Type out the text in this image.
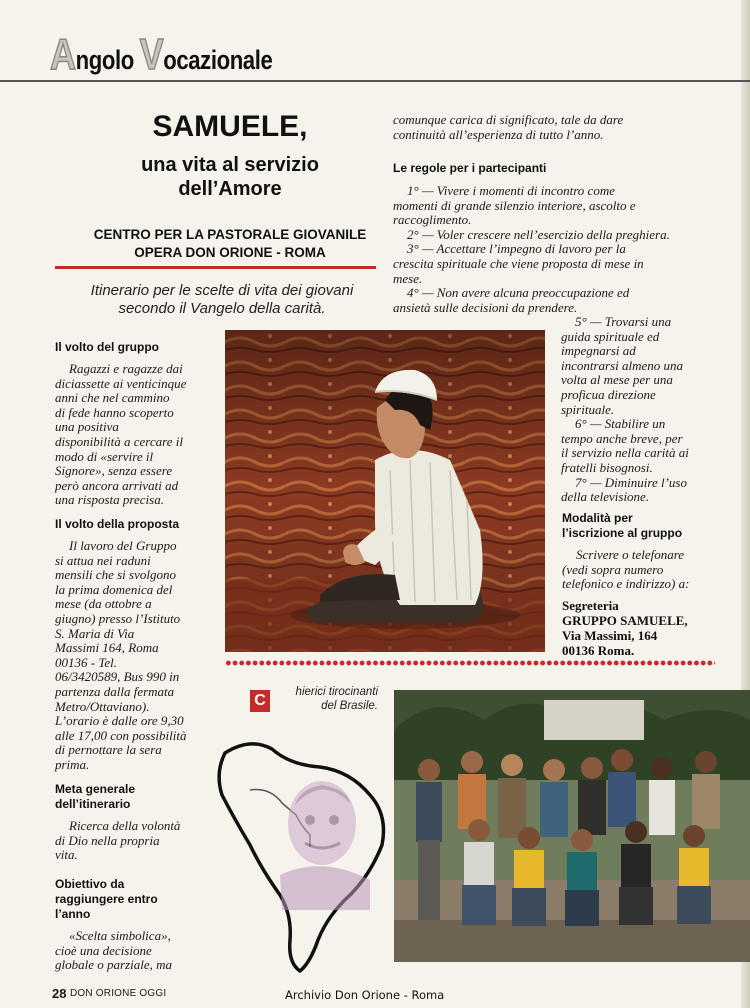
Angolo Vocazionale
SAMUELE,
una vita al servizio
dell’Amore
CENTRO PER LA PASTORALE GIOVANILE
OPERA DON ORIONE - ROMA
Itinerario per le scelte di vita dei giovani
secondo il Vangelo della carità.
Il volto del gruppo
Ragazzi e ragazze dai
diciassette ai venticinque
anni che nel cammino
di fede hanno scoperto
una positiva
disponibilità a cercare il
modo di «servire il
Signore», senza essere
però ancora arrivati ad
una risposta precisa.
Il volto della proposta
Il lavoro del Gruppo
si attua nei raduni
mensili che si svolgono
la prima domenica del
mese (da ottobre a
giugno) presso l’Istituto
S. Maria di Via
Massimi 164, Roma
00136 - Tel.
06/3420589, Bus 990 in
partenza dalla fermata
Metro/Ottaviano).
L’orario è dalle ore 9,30
alle 17,00 con possibilità
di pernottare la sera
prima.
Meta generale
dell’itinerario
Ricerca della volontà
di Dio nella propria
vita.
Obiettivo da
raggiungere entro
l’anno
«Scelta simbolica»,
cioè una decisione
globale o parziale, ma
comunque carica di significato, tale da dare
continuità all’esperienza di tutto l’anno.
Le regole per i partecipanti
1° — Vivere i momenti di incontro come
momenti di grande silenzio interiore, ascolto e
raccoglimento.
2° — Voler crescere nell’esercizio della preghiera.
3° — Accettare l’impegno di lavoro per la
crescita spirituale che viene proposta di mese in
mese.
4° — Non avere alcuna preoccupazione ed
ansietà sulle decisioni da prendere.
5° — Trovarsi una
guida spirituale ed
impegnarsi ad
incontrarsi almeno una
volta al mese per una
proficua direzione
spirituale.
6° — Stabilire un
tempo anche breve, per
il servizio nella carità ai
fratelli bisognosi.
7° — Diminuire l’uso
della televisione.
Modalità per
l’iscrizione al gruppo
Scrivere o telefonare
(vedi sopra numero
telefonico e indirizzo) a:
Segreteria
GRUPPO SAMUELE,
Via Massimi, 164
00136 Roma.
C	hierici tirocinanti
del Brasile.
28 DON ORIONE OGGI	Archivio Don Orione - Roma
